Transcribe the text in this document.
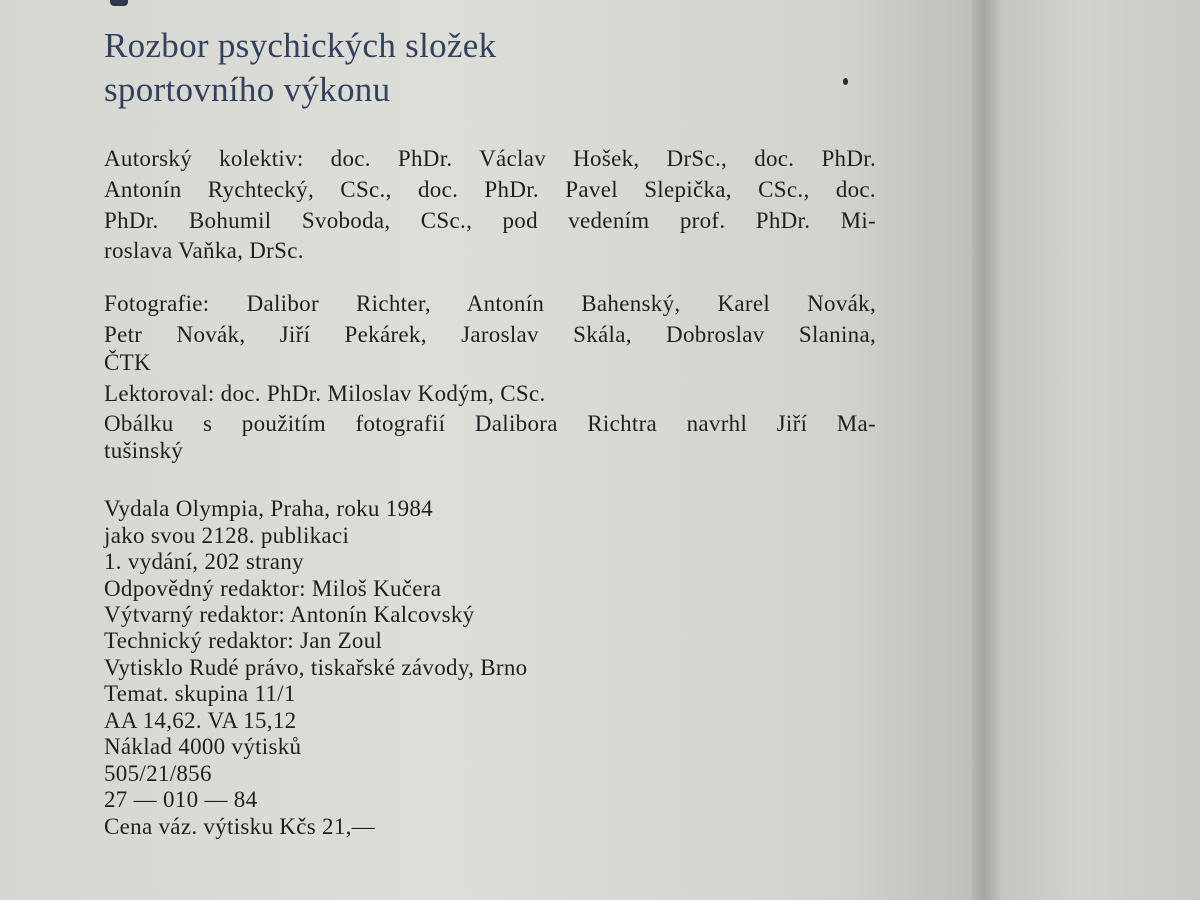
Rozbor psychických složek
sportovního výkonu
Autorský kolektiv: doc. PhDr. Václav Hošek, DrSc., doc. PhDr.
Antonín Rychtecký, CSc., doc. PhDr. Pavel Slepička, CSc., doc.
PhDr. Bohumil Svoboda, CSc., pod vedením prof. PhDr. Mi-
roslava Vaňka, DrSc.
Fotografie: Dalibor Richter, Antonín Bahenský, Karel Novák,
Petr Novák, Jiří Pekárek, Jaroslav Skála, Dobroslav Slanina,
ČTK
Lektoroval: doc. PhDr. Miloslav Kodým, CSc.
Obálku s použitím fotografií Dalibora Richtra navrhl Jiří Ma-
tušinský
Vydala Olympia, Praha, roku 1984
jako svou 2128. publikaci
1. vydání, 202 strany
Odpovědný redaktor: Miloš Kučera
Výtvarný redaktor: Antonín Kalcovský
Technický redaktor: Jan Zoul
Vytisklo Rudé právo, tiskařské závody, Brno
Temat. skupina 11/1
AA 14,62. VA 15,12
Náklad 4000 výtisků
505/21/856
27 — 010 — 84
Cena váz. výtisku Kčs 21,—
